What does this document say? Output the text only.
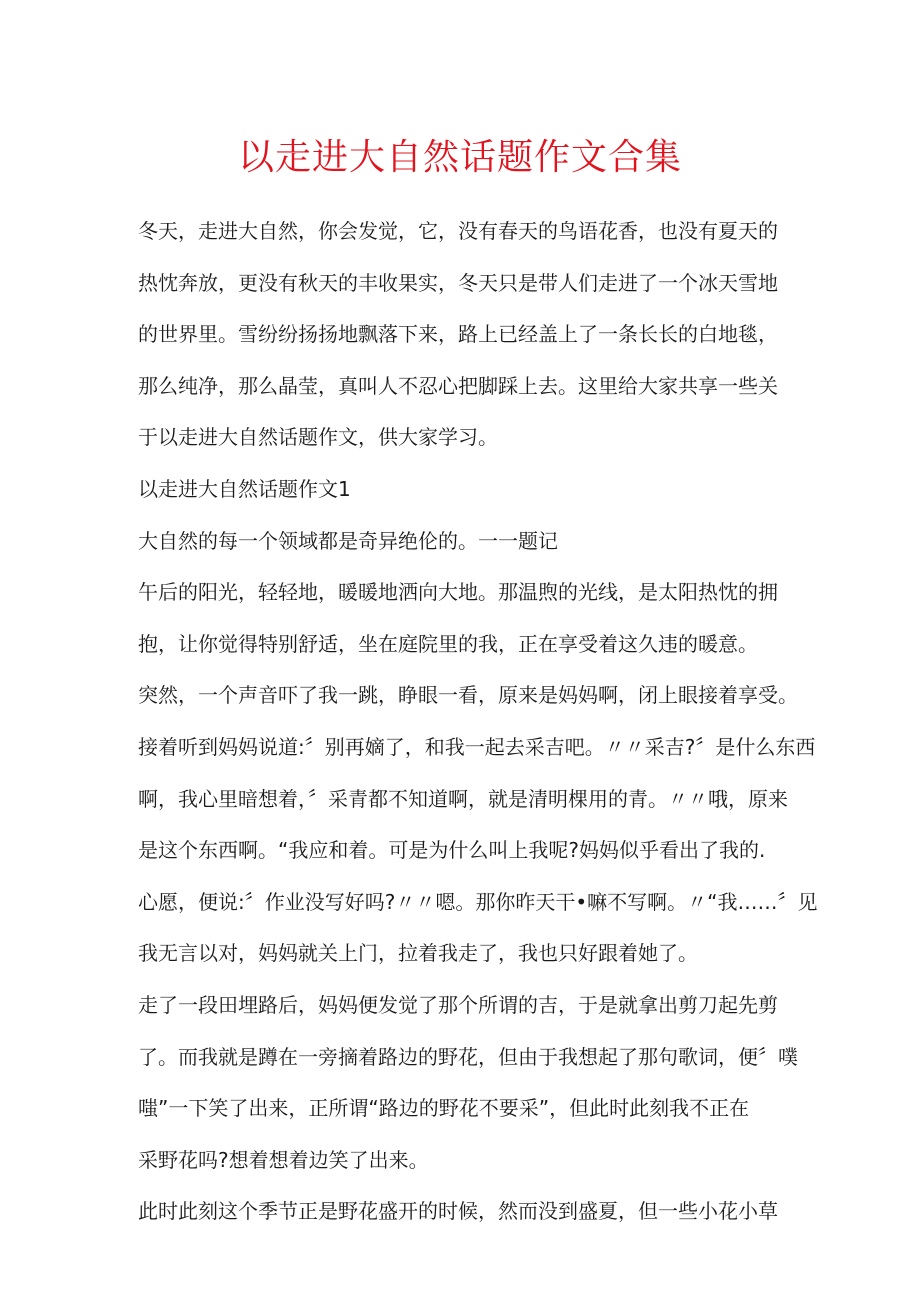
以走进大自然话题作文合集
冬天，走进大自然，你会发觉，它，没有春天的鸟语花香，也没有夏天的
热忱奔放，更没有秋天的丰收果实，冬天只是带人们走进了一个冰天雪地
的世界里。雪纷纷扬扬地飘落下来，路上已经盖上了一条长长的白地毯，
那么纯净，那么晶莹，真叫人不忍心把脚踩上去。这里给大家共享一些关
于以走进大自然话题作文，供大家学习。
以走进大自然话题作文1
大自然的每一个领域都是奇异绝伦的。一一题记
午后的阳光，轻轻地，暖暖地洒向大地。那温煦的光线，是太阳热忱的拥
抱，让你觉得特别舒适，坐在庭院里的我，正在享受着这久违的暖意。
突然，一个声音吓了我一跳，睁眼一看，原来是妈妈啊，闭上眼接着享受。
接着听到妈妈说道:〞别再嫡了，和我一起去采吉吧。〃〃采吉?〞是什么东西
啊，我心里暗想着，〞采青都不知道啊，就是清明棵用的青。〃〃哦，原来
是这个东西啊。“我应和着。可是为什么叫上我呢?妈妈似乎看出了我的.
心愿，便说:〞作业没写好吗?〃〃嗯。那你昨天干•嘛不写啊。〃“我……〞见
我无言以对，妈妈就关上门，拉着我走了，我也只好跟着她了。
走了一段田埋路后，妈妈便发觉了那个所谓的吉，于是就拿出剪刀起先剪
了。而我就是蹲在一旁摘着路边的野花，但由于我想起了那句歌词，便〞噗
嗤”一下笑了出来，正所谓“路边的野花不要采”，但此时此刻我不正在
采野花吗?想着想着边笑了出来。
此时此刻这个季节正是野花盛开的时候，然而没到盛夏，但一些小花小草
